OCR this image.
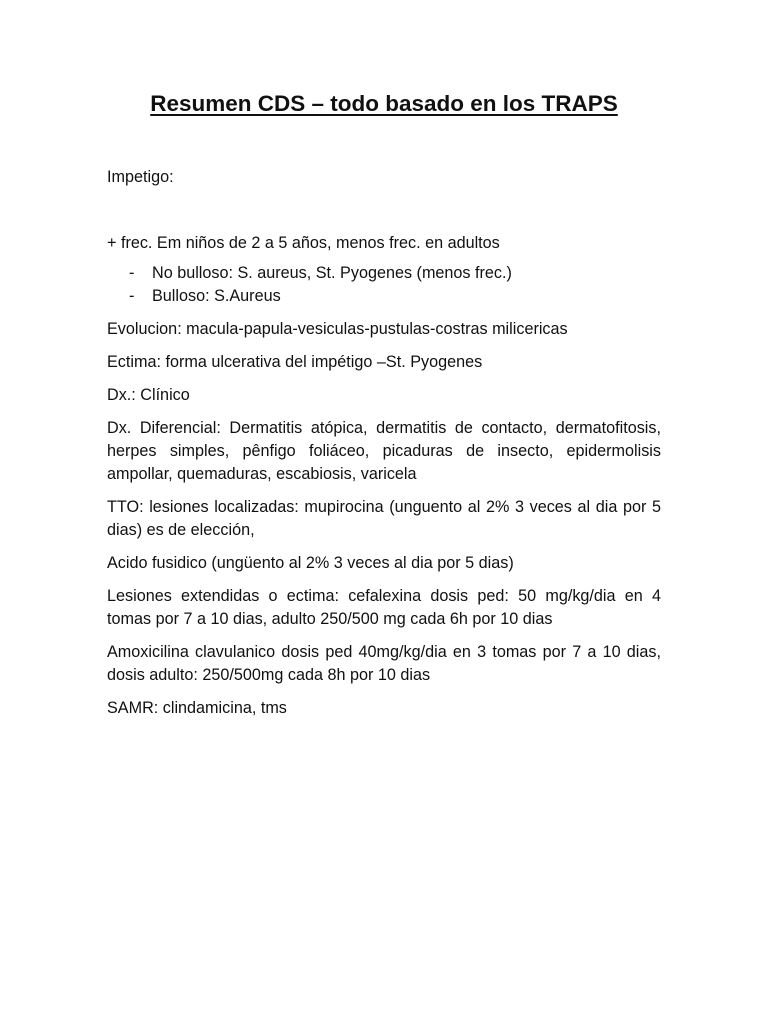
Resumen CDS – todo basado en los TRAPS

Impetigo:

+ frec. Em niños de 2 a 5 años, menos frec. en adultos

- No bulloso: S. aureus, St. Pyogenes (menos frec.)
- Bulloso: S.Aureus

Evolucion: macula-papula-vesiculas-pustulas-costras milicericas

Ectima: forma ulcerativa del impétigo –St. Pyogenes

Dx.: Clínico

Dx. Diferencial: Dermatitis atópica, dermatitis de contacto, dermatofitosis, herpes simples, pênfigo foliáceo, picaduras de insecto, epidermolisis ampollar, quemaduras, escabiosis, varicela

TTO: lesiones localizadas: mupirocina (unguento al 2% 3 veces al dia por 5 dias) es de elección,

Acido fusidico (ungüento al 2% 3 veces al dia por 5 dias)

Lesiones extendidas o ectima: cefalexina dosis ped: 50 mg/kg/dia en 4 tomas por 7 a 10 dias, adulto 250/500 mg cada 6h por 10 dias

Amoxicilina clavulanico dosis ped 40mg/kg/dia en 3 tomas por 7 a 10 dias, dosis adulto: 250/500mg cada 8h por 10 dias

SAMR: clindamicina, tms
